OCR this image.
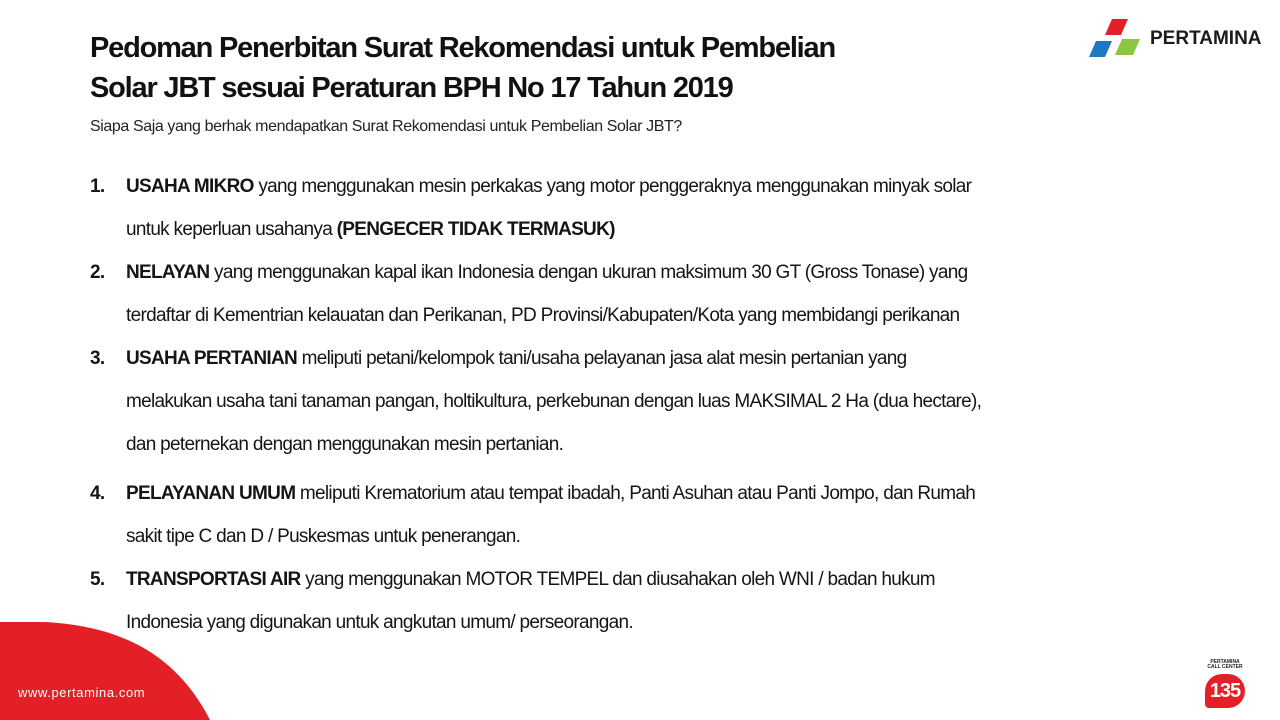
Pedoman Penerbitan Surat Rekomendasi untuk Pembelian
Solar JBT sesuai Peraturan BPH No 17 Tahun 2019
Siapa Saja yang berhak mendapatkan Surat Rekomendasi untuk Pembelian Solar JBT?
PERTAMINA
1. USAHA MIKRO yang menggunakan mesin perkakas yang motor penggeraknya menggunakan minyak solar
untuk keperluan usahanya (PENGECER TIDAK TERMASUK)
2. NELAYAN yang menggunakan kapal ikan Indonesia dengan ukuran maksimum 30 GT (Gross Tonase) yang
terdaftar di Kementrian kelauatan dan Perikanan, PD Provinsi/Kabupaten/Kota yang membidangi perikanan
3. USAHA PERTANIAN meliputi petani/kelompok tani/usaha pelayanan jasa alat mesin pertanian yang
melakukan usaha tani tanaman pangan, holtikultura, perkebunan dengan luas MAKSIMAL 2 Ha (dua hectare),
dan peternekan dengan menggunakan mesin pertanian.
4. PELAYANAN UMUM meliputi Krematorium atau tempat ibadah, Panti Asuhan atau Panti Jompo, dan Rumah
sakit tipe C dan D / Puskesmas untuk penerangan.
5. TRANSPORTASI AIR yang menggunakan MOTOR TEMPEL dan diusahakan oleh WNI / badan hukum
Indonesia yang digunakan untuk angkutan umum/ perseorangan.
www.pertamina.com
PERTAMINA
CALL CENTER
135
